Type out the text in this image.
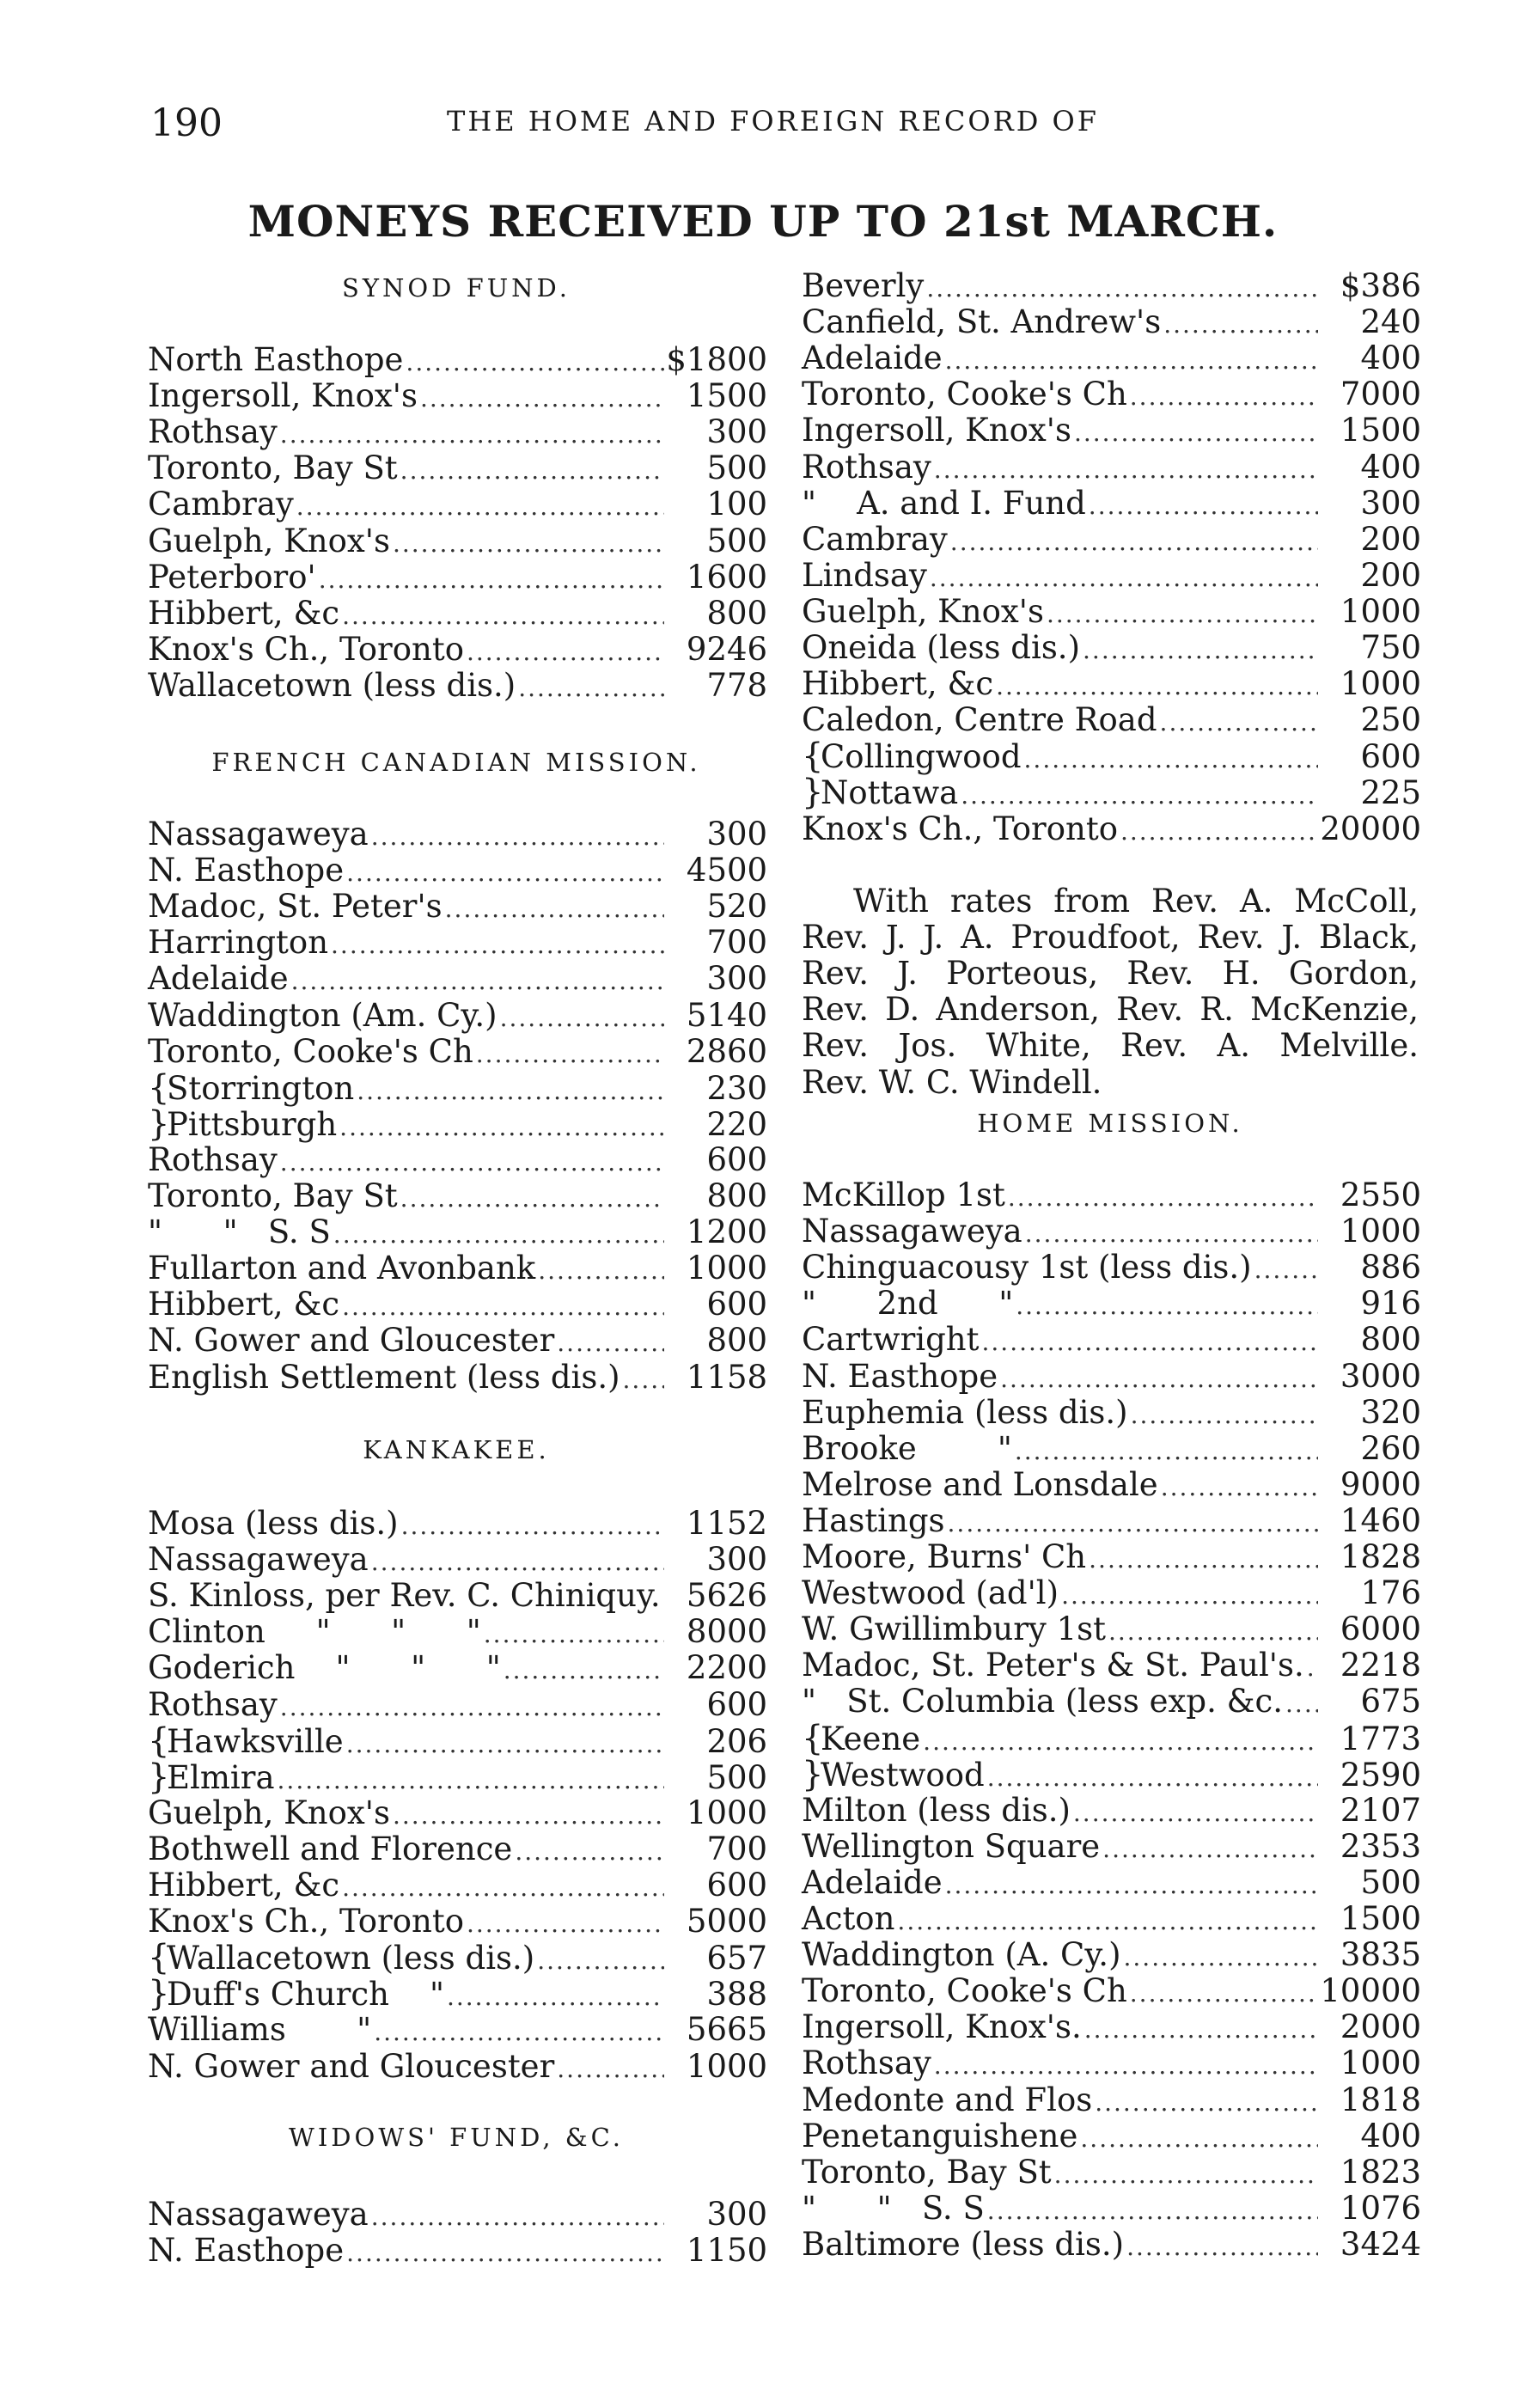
190	THE HOME AND FOREIGN RECORD OF
MONEYS RECEIVED UP TO 21st MARCH.
SYNOD FUND.
North Easthope .....	$18 00
Ingersoll, Knox's .....	15 00
Rothsay .....	3 00
Toronto, Bay St .....	5 00
Cambray .....	1 00
Guelph, Knox's .....	5 00
Peterboro' .....	16 00
Hibbert, &c .....	8 00
Knox's Ch., Toronto .....	92 46
Wallacetown (less dis.) .....	7 78
FRENCH CANADIAN MISSION.
Nassagaweya .....	3 00
N. Easthope .....	45 00
Madoc, St. Peter's .....	5 20
Harrington .....	7 00
Adelaide .....	3 00
Waddington (Am. Cy.) .....	51 40
Toronto, Cooke's Ch .....	28 60
{Storrington .....	2 30
}Pittsburgh .....	2 20
Rothsay .....	6 00
Toronto, Bay St .....	8 00
"      "   S. S .....	12 00
Fullarton and Avonbank .....	10 00
Hibbert, &c .....	6 00
N. Gower and Gloucester .....	8 00
English Settlement (less dis.) ..... 11 58
KANKAKEE.
Mosa (less dis.) .....	11 52
Nassagaweya .....	3 00
S. Kinloss, per Rev. C. Chiniquy. ..... 56 26
Clinton     "      "      " .....	80 00
Goderich    "      "      " .....	22 00
Rothsay .....	6 00
{Hawksville .....	2 06
}Elmira .....	5 00
Guelph, Knox's .....	10 00
Bothwell and Florence .....	7 00
Hibbert, &c .....	6 00
Knox's Ch., Toronto .....	50 00
{Wallacetown (less dis.) .....	6 57
}Duff's Church    " .....	3 88
Williams       " .....	56 65
N. Gower and Gloucester .....	10 00
WIDOWS' FUND, &C.
Nassagaweya .....	3 00
N. Easthope .....	11 50
Beverly .....	$3 86
Canfield, St. Andrew's .....	2 40
Adelaide .....	4 00
Toronto, Cooke's Ch .....	70 00
Ingersoll, Knox's .....	15 00
Rothsay .....	4 00
"    A. and I. Fund .....	3 00
Cambray .....	2 00
Lindsay .....	2 00
Guelph, Knox's .....	10 00
Oneida (less dis.) .....	7 50
Hibbert, &c .....	10 00
Caledon, Centre Road .....	2 50
{Collingwood .....	6 00
}Nottawa .....	2 25
Knox's Ch., Toronto .....	200 00
With rates from Rev. A. McColl,
Rev. J. J. A. Proudfoot, Rev. J. Black,
Rev. J. Porteous, Rev. H. Gordon,
Rev. D. Anderson, Rev. R. McKenzie,
Rev. Jos. White, Rev. A. Melville.
Rev. W. C. Windell.
HOME MISSION.
McKillop 1st .....	25 50
Nassagaweya .....	10 00
Chinguacousy 1st (less dis.) .....	8 86
"      2nd      " .....	9 16
Cartwright .....	8 00
N. Easthope .....	30 00
Euphemia (less dis.) .....	3 20
Brooke        " .....	2 60
Melrose and Lonsdale .....	90 00
Hastings .....	14 60
Moore, Burns' Ch .....	18 28
Westwood (ad'l) .....	1 76
W. Gwillimbury 1st .....	60 00
Madoc, St. Peter's & St. Paul's. ..... 22 18
"   St. Columbia (less exp. &c. ..... 6 75
{Keene .....	17 73
}Westwood .....	25 90
Milton (less dis.) .....	21 07
Wellington Square .....	23 53
Adelaide .....	5 00
Acton .....	15 00
Waddington (A. Cy.) .....	38 35
Toronto, Cooke's Ch .....	100 00
Ingersoll, Knox's. .....	20 00
Rothsay .....	10 00
Medonte and Flos .....	18 18
Penetanguishene .....	4 00
Toronto, Bay St .....	18 23
"      "   S. S .....	10 76
Baltimore (less dis.) .....	34 24
